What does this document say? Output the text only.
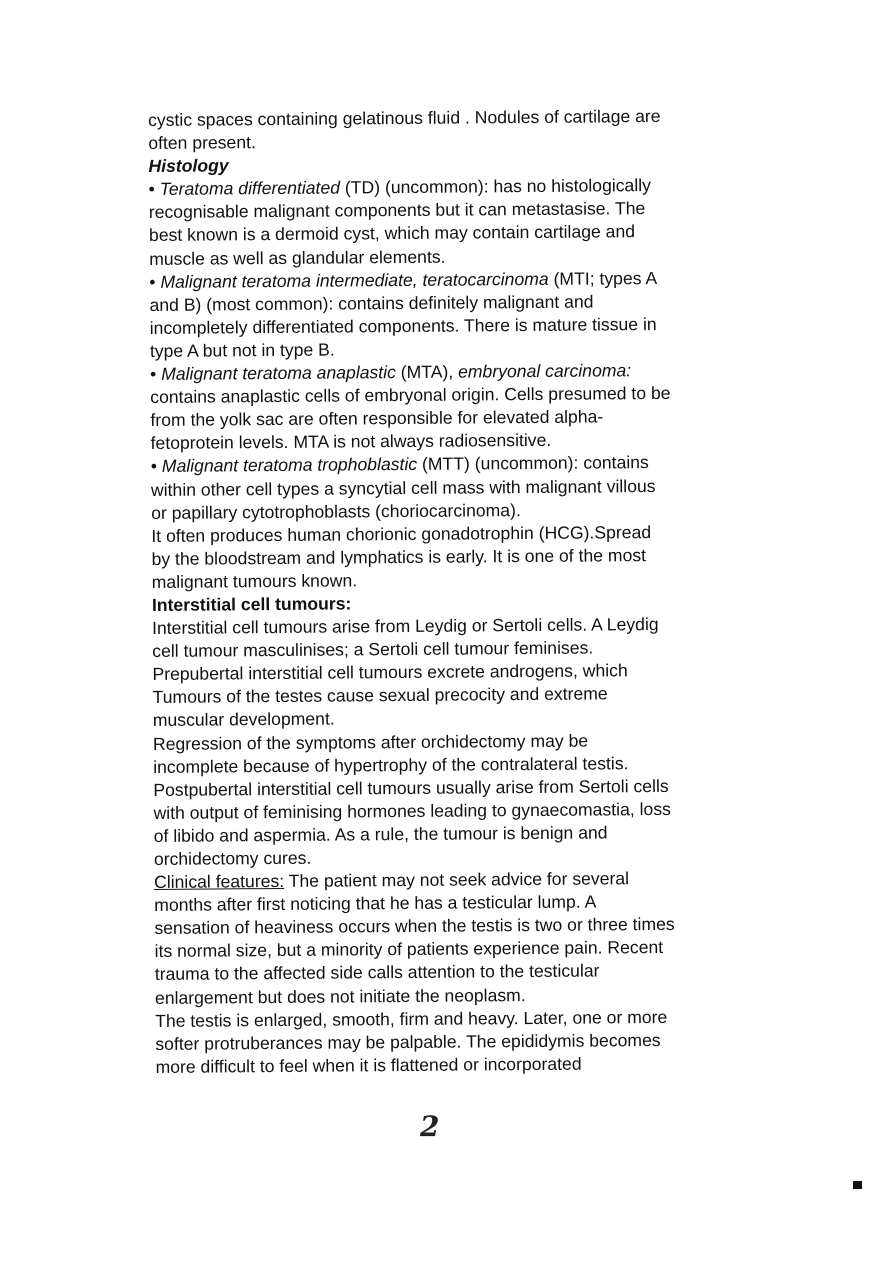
cystic spaces containing gelatinous fluid . Nodules of cartilage are
often present.
Histology
• Teratoma differentiated (TD) (uncommon): has no histologically
recognisable malignant components but it can metastasise. The
best known is a dermoid cyst, which may contain cartilage and
muscle as well as glandular elements.
• Malignant teratoma intermediate, teratocarcinoma (MTI; types A
and B) (most common): contains definitely malignant and
incompletely differentiated components. There is mature tissue in
type A but not in type B.
• Malignant teratoma anaplastic (MTA), embryonal carcinoma:
contains anaplastic cells of embryonal origin. Cells presumed to be
from the yolk sac are often responsible for elevated alpha-
fetoprotein levels. MTA is not always radiosensitive.
• Malignant teratoma trophoblastic (MTT) (uncommon): contains
within other cell types a syncytial cell mass with malignant villous
or papillary cytotrophoblasts (choriocarcinoma).
It often produces human chorionic gonadotrophin (HCG).Spread
by the bloodstream and lymphatics is early. It is one of the most
malignant tumours known.
Interstitial cell tumours:
Interstitial cell tumours arise from Leydig or Sertoli cells. A Leydig
cell tumour masculinises; a Sertoli cell tumour feminises.
Prepubertal interstitial cell tumours excrete androgens, which
Tumours of the testes cause sexual precocity and extreme
muscular development.
Regression of the symptoms after orchidectomy may be
incomplete because of hypertrophy of the contralateral testis.
Postpubertal interstitial cell tumours usually arise from Sertoli cells
with output of feminising hormones leading to gynaecomastia, loss
of libido and aspermia. As a rule, the tumour is benign and
orchidectomy cures.
Clinical features: The patient may not seek advice for several
months after first noticing that he has a testicular lump. A
sensation of heaviness occurs when the testis is two or three times
its normal size, but a minority of patients experience pain. Recent
trauma to the affected side calls attention to the testicular
enlargement but does not initiate the neoplasm.
The testis is enlarged, smooth, firm and heavy. Later, one or more
softer protruberances may be palpable. The epididymis becomes
more difficult to feel when it is flattened or incorporated
2
